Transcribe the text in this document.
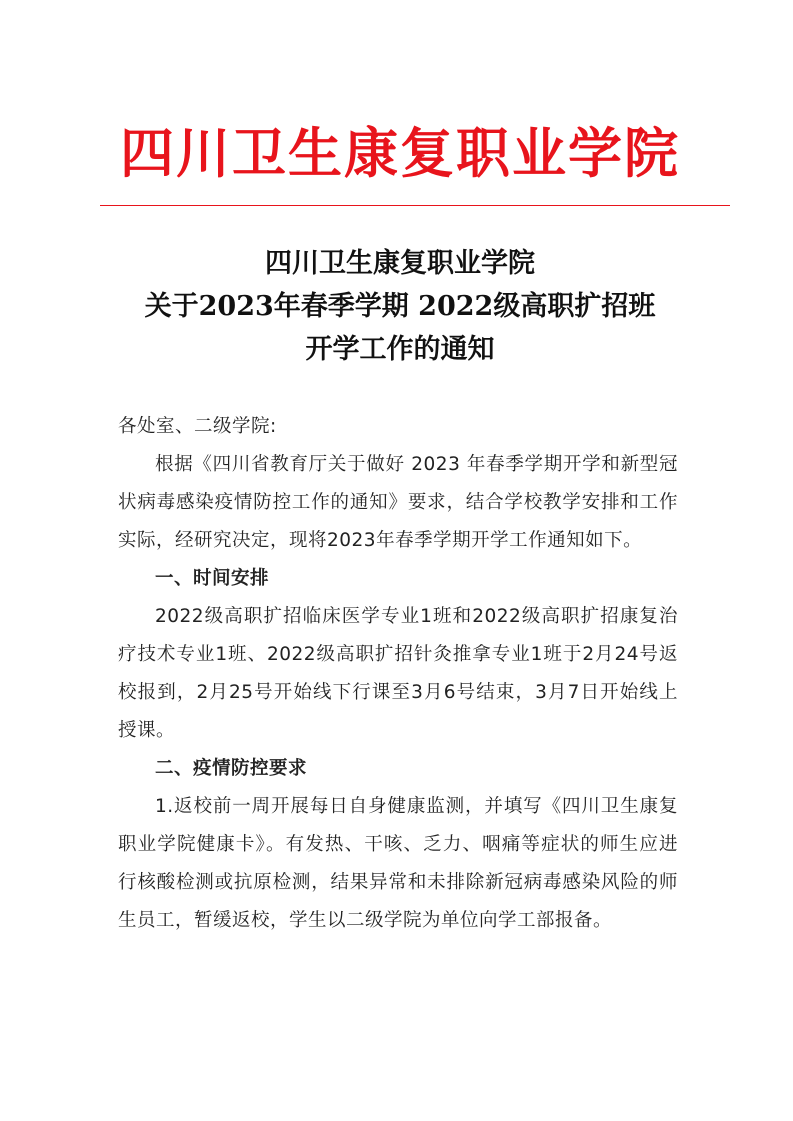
四川卫生康复职业学院
四川卫生康复职业学院
关于2023年春季学期 2022级高职扩招班
开学工作的通知

各处室、二级学院:

根据《四川省教育厅关于做好 2023 年春季学期开学和新型冠状病毒感染疫情防控工作的通知》要求，结合学校教学安排和工作实际，经研究决定，现将2023年春季学期开学工作通知如下。

一、时间安排

2022级高职扩招临床医学专业1班和2022级高职扩招康复治疗技术专业1班、2022级高职扩招针灸推拿专业1班于2月24号返校报到，2月25号开始线下行课至3月6号结束，3月7日开始线上授课。

二、疫情防控要求

1.返校前一周开展每日自身健康监测，并填写《四川卫生康复职业学院健康卡》。有发热、干咳、乏力、咽痛等症状的师生应进行核酸检测或抗原检测，结果异常和未排除新冠病毒感染风险的师生员工，暂缓返校，学生以二级学院为单位向学工部报备。
